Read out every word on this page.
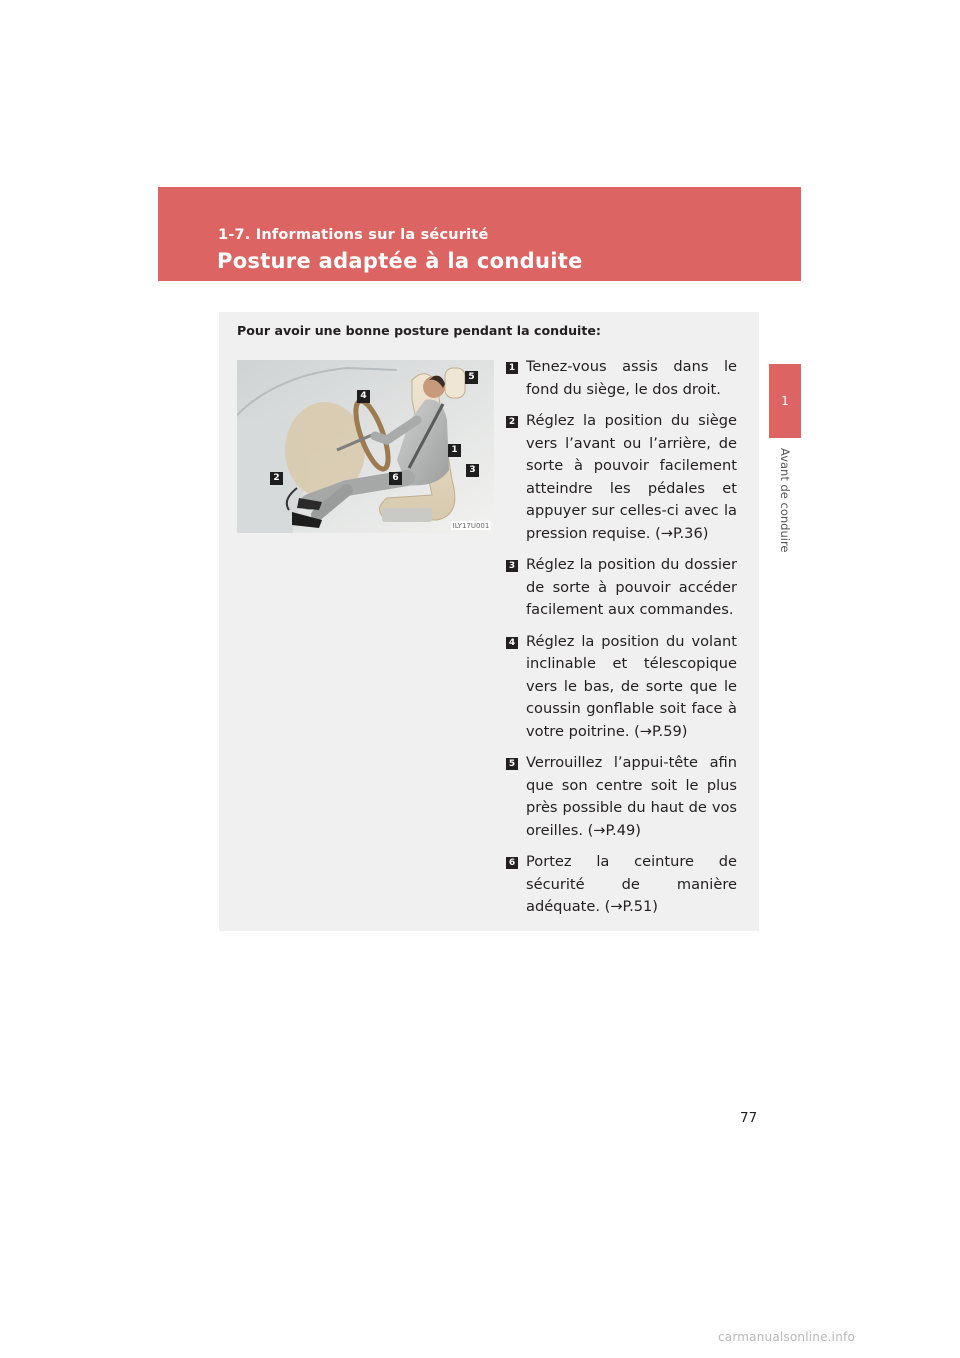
1-7. Informations sur la sécurité
Posture adaptée à la conduite
1
Avant de conduire
Pour avoir une bonne posture pendant la conduite:
ILY17U001
1
2
3
4
5
6
1 Tenez-vous assis dans le fond du siège, le dos droit.
2 Réglez la position du siège vers l’avant ou l’arrière, de sorte à pouvoir facilement atteindre les pédales et appuyer sur celles-ci avec la pression requise. (→P.36)
3 Réglez la position du dossier de sorte à pouvoir accéder facilement aux commandes.
4 Réglez la position du volant inclinable et télescopique vers le bas, de sorte que le coussin gonflable soit face à votre poitrine. (→P.59)
5 Verrouillez l’appui-tête afin que son centre soit le plus près possible du haut de vos oreilles. (→P.49)
6 Portez la ceinture de sécurité de manière adéquate. (→P.51)
77
carmanualsonline.info
